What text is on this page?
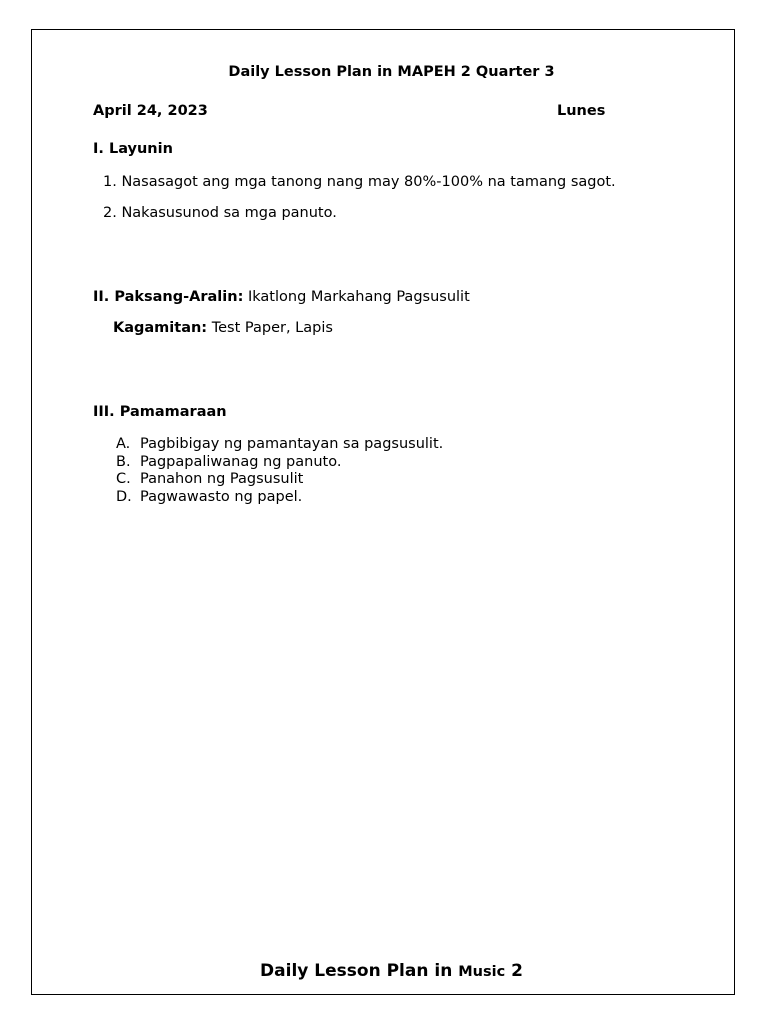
Daily Lesson Plan in MAPEH 2 Quarter 3
April 24, 2023	Lunes
I. Layunin
1. Nasasagot ang mga tanong nang may 80%-100% na tamang sagot.
2. Nakasusunod sa mga panuto.
II. Paksang-Aralin: Ikatlong Markahang Pagsusulit
Kagamitan: Test Paper, Lapis
III. Pamamaraan
A. Pagbibigay ng pamantayan sa pagsusulit.
B. Pagpapaliwanag ng panuto.
C. Panahon ng Pagsusulit
D. Pagwawasto ng papel.
Daily Lesson Plan in Music 2
